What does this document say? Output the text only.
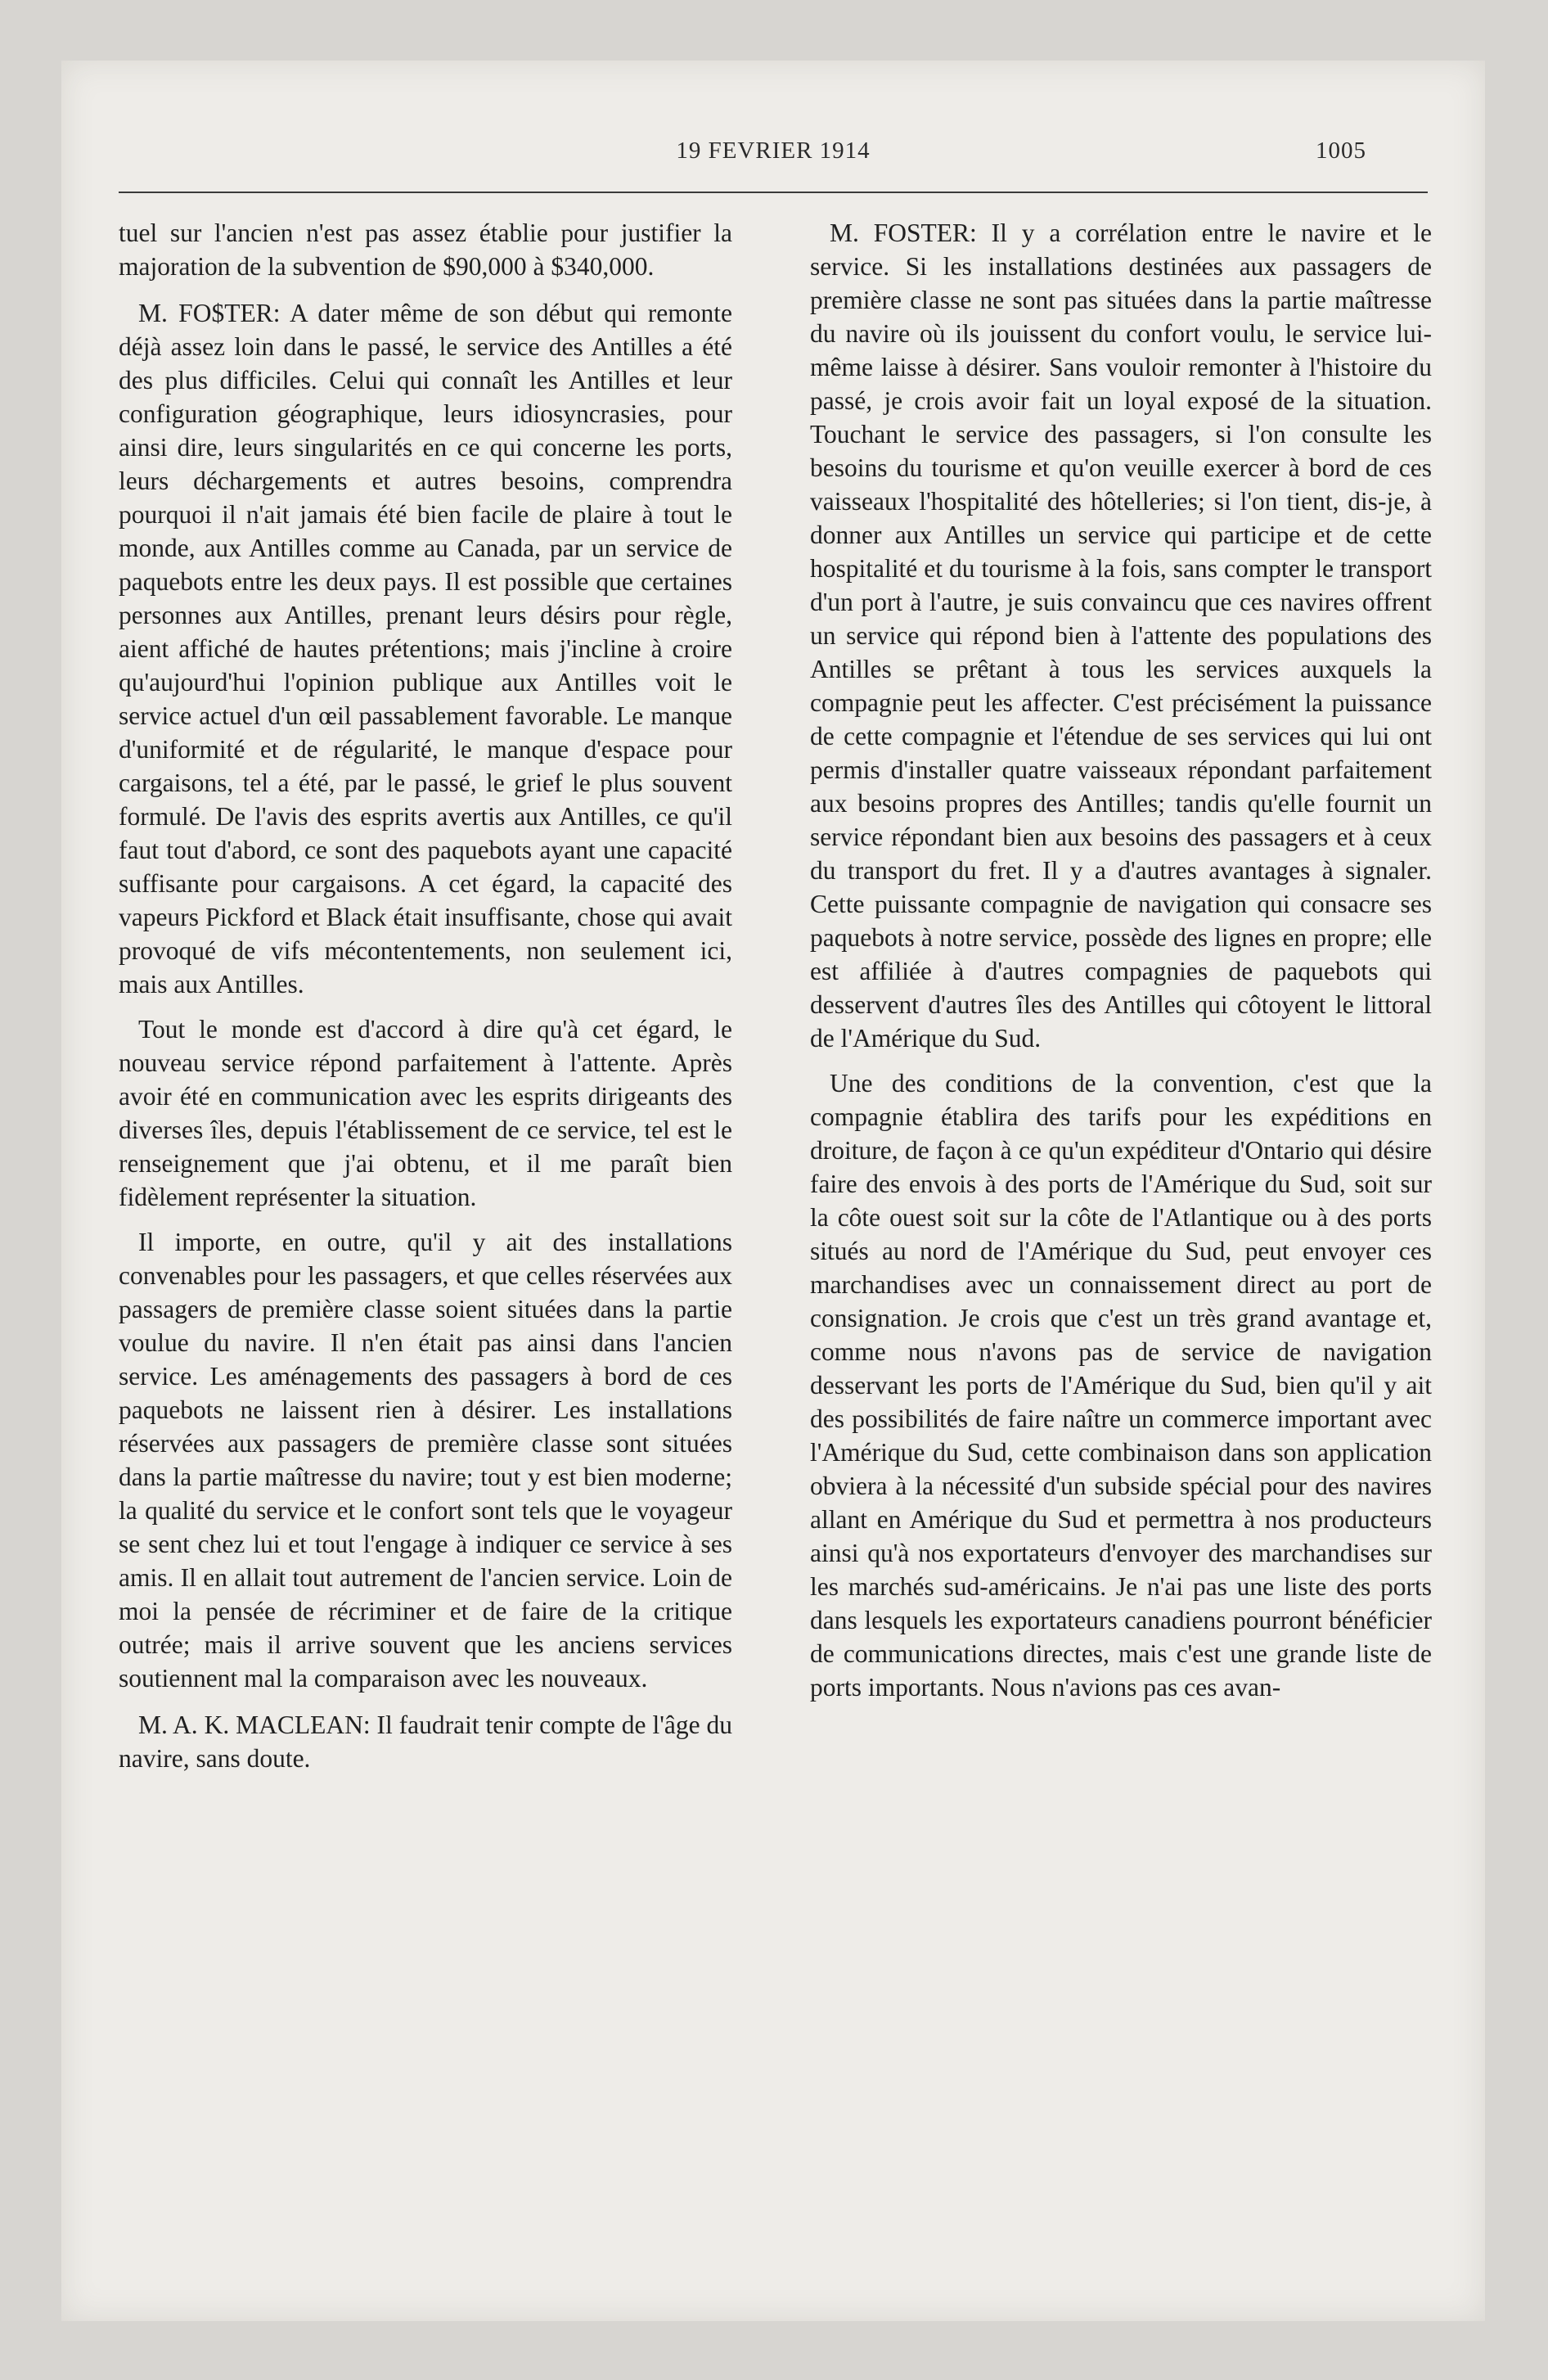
19 FEVRIER 1914	1005

tuel sur l'ancien n'est pas assez établie pour justifier la majoration de la subvention de $90,000 à $340,000.

M. FO$TER: A dater même de son début qui remonte déjà assez loin dans le passé, le service des Antilles a été des plus difficiles. Celui qui connaît les Antilles et leur configuration géographique, leurs idiosyncrasies, pour ainsi dire, leurs singularités en ce qui concerne les ports, leurs déchargements et autres besoins, comprendra pourquoi il n'ait jamais été bien facile de plaire à tout le monde, aux Antilles comme au Canada, par un service de paquebots entre les deux pays. Il est possible que certaines personnes aux Antilles, prenant leurs désirs pour règle, aient affiché de hautes prétentions; mais j'incline à croire qu'aujourd'hui l'opinion publique aux Antilles voit le service actuel d'un œil passablement favorable. Le manque d'uniformité et de régularité, le manque d'espace pour cargaisons, tel a été, par le passé, le grief le plus souvent formulé. De l'avis des esprits avertis aux Antilles, ce qu'il faut tout d'abord, ce sont des paquebots ayant une capacité suffisante pour cargaisons. A cet égard, la capacité des vapeurs Pickford et Black était insuffisante, chose qui avait provoqué de vifs mécontentements, non seulement ici, mais aux Antilles.

Tout le monde est d'accord à dire qu'à cet égard, le nouveau service répond parfaitement à l'attente. Après avoir été en communication avec les esprits dirigeants des diverses îles, depuis l'établissement de ce service, tel est le renseignement que j'ai obtenu, et il me paraît bien fidèlement représenter la situation.

Il importe, en outre, qu'il y ait des installations convenables pour les passagers, et que celles réservées aux passagers de première classe soient situées dans la partie voulue du navire. Il n'en était pas ainsi dans l'ancien service. Les aménagements des passagers à bord de ces paquebots ne laissent rien à désirer. Les installations réservées aux passagers de première classe sont situées dans la partie maîtresse du navire; tout y est bien moderne; la qualité du service et le confort sont tels que le voyageur se sent chez lui et tout l'engage à indiquer ce service à ses amis. Il en allait tout autrement de l'ancien service. Loin de moi la pensée de récriminer et de faire de la critique outrée; mais il arrive souvent que les anciens services soutiennent mal la comparaison avec les nouveaux.

M. A. K. MACLEAN: Il faudrait tenir compte de l'âge du navire, sans doute.

M. FOSTER: Il y a corrélation entre le navire et le service. Si les installations destinées aux passagers de première classe ne sont pas situées dans la partie maîtresse du navire où ils jouissent du confort voulu, le service lui-même laisse à désirer. Sans vouloir remonter à l'histoire du passé, je crois avoir fait un loyal exposé de la situation. Touchant le service des passagers, si l'on consulte les besoins du tourisme et qu'on veuille exercer à bord de ces vaisseaux l'hospitalité des hôtelleries; si l'on tient, dis-je, à donner aux Antilles un service qui participe et de cette hospitalité et du tourisme à la fois, sans compter le transport d'un port à l'autre, je suis convaincu que ces navires offrent un service qui répond bien à l'attente des populations des Antilles se prêtant à tous les services auxquels la compagnie peut les affecter. C'est précisément la puissance de cette compagnie et l'étendue de ses services qui lui ont permis d'installer quatre vaisseaux répondant parfaitement aux besoins propres des Antilles; tandis qu'elle fournit un service répondant bien aux besoins des passagers et à ceux du transport du fret. Il y a d'autres avantages à signaler. Cette puissante compagnie de navigation qui consacre ses paquebots à notre service, possède des lignes en propre; elle est affiliée à d'autres compagnies de paquebots qui desservent d'autres îles des Antilles qui côtoyent le littoral de l'Amérique du Sud.

Une des conditions de la convention, c'est que la compagnie établira des tarifs pour les expéditions en droiture, de façon à ce qu'un expéditeur d'Ontario qui désire faire des envois à des ports de l'Amérique du Sud, soit sur la côte ouest soit sur la côte de l'Atlantique ou à des ports situés au nord de l'Amérique du Sud, peut envoyer ces marchandises avec un connaissement direct au port de consignation. Je crois que c'est un très grand avantage et, comme nous n'avons pas de service de navigation desservant les ports de l'Amérique du Sud, bien qu'il y ait des possibilités de faire naître un commerce important avec l'Amérique du Sud, cette combinaison dans son application obviera à la nécessité d'un subside spécial pour des navires allant en Amérique du Sud et permettra à nos producteurs ainsi qu'à nos exportateurs d'envoyer des marchandises sur les marchés sud-américains. Je n'ai pas une liste des ports dans lesquels les exportateurs canadiens pourront bénéficier de communications directes, mais c'est une grande liste de ports importants. Nous n'avions pas ces avan-
